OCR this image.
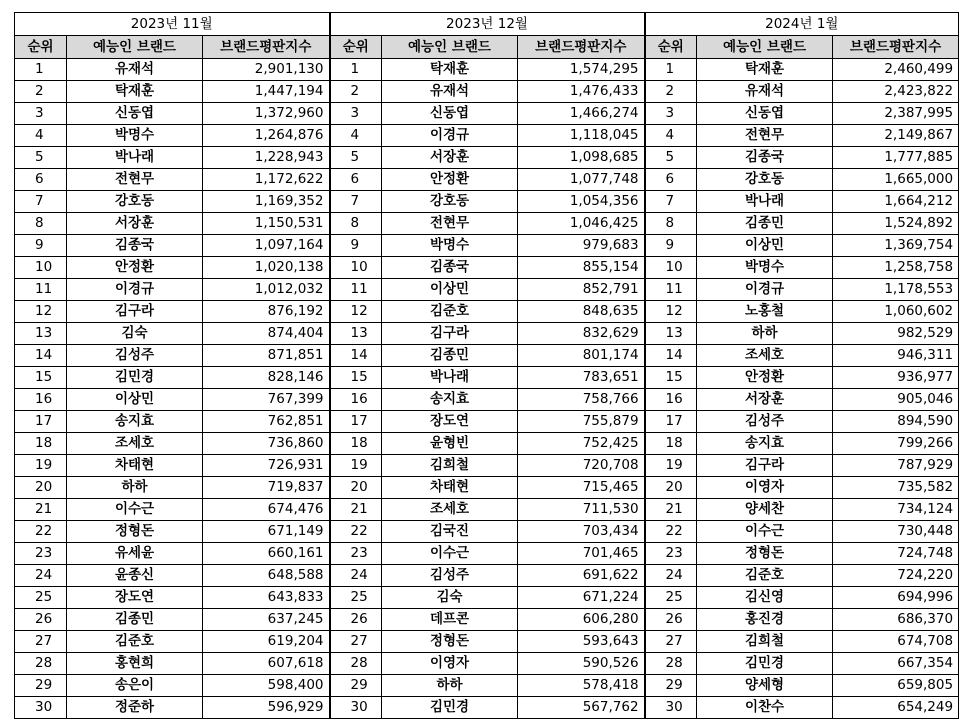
2023년 11월			2023년 12월			2024년 1월		
순위	예능인 브랜드	브랜드평판지수	순위	예능인 브랜드	브랜드평판지수	순위	예능인 브랜드	브랜드평판지수
1	유재석	2,901,130	1	탁재훈	1,574,295	1	탁재훈	2,460,499
2	탁재훈	1,447,194	2	유재석	1,476,433	2	유재석	2,423,822
3	신동엽	1,372,960	3	신동엽	1,466,274	3	신동엽	2,387,995
4	박명수	1,264,876	4	이경규	1,118,045	4	전현무	2,149,867
5	박나래	1,228,943	5	서장훈	1,098,685	5	김종국	1,777,885
6	전현무	1,172,622	6	안정환	1,077,748	6	강호동	1,665,000
7	강호동	1,169,352	7	강호동	1,054,356	7	박나래	1,664,212
8	서장훈	1,150,531	8	전현무	1,046,425	8	김종민	1,524,892
9	김종국	1,097,164	9	박명수	979,683	9	이상민	1,369,754
10	안정환	1,020,138	10	김종국	855,154	10	박명수	1,258,758
11	이경규	1,012,032	11	이상민	852,791	11	이경규	1,178,553
12	김구라	876,192	12	김준호	848,635	12	노홍철	1,060,602
13	김숙	874,404	13	김구라	832,629	13	하하	982,529
14	김성주	871,851	14	김종민	801,174	14	조세호	946,311
15	김민경	828,146	15	박나래	783,651	15	안정환	936,977
16	이상민	767,399	16	송지효	758,766	16	서장훈	905,046
17	송지효	762,851	17	장도연	755,879	17	김성주	894,590
18	조세호	736,860	18	윤형빈	752,425	18	송지효	799,266
19	차태현	726,931	19	김희철	720,708	19	김구라	787,929
20	하하	719,837	20	차태현	715,465	20	이영자	735,582
21	이수근	674,476	21	조세호	711,530	21	양세찬	734,124
22	정형돈	671,149	22	김국진	703,434	22	이수근	730,448
23	유세윤	660,161	23	이수근	701,465	23	정형돈	724,748
24	윤종신	648,588	24	김성주	691,622	24	김준호	724,220
25	장도연	643,833	25	김숙	671,224	25	김신영	694,996
26	김종민	637,245	26	데프콘	606,280	26	홍진경	686,370
27	김준호	619,204	27	정형돈	593,643	27	김희철	674,708
28	홍현희	607,618	28	이영자	590,526	28	김민경	667,354
29	송은이	598,400	29	하하	578,418	29	양세형	659,805
30	정준하	596,929	30	김민경	567,762	30	이찬수	654,249
